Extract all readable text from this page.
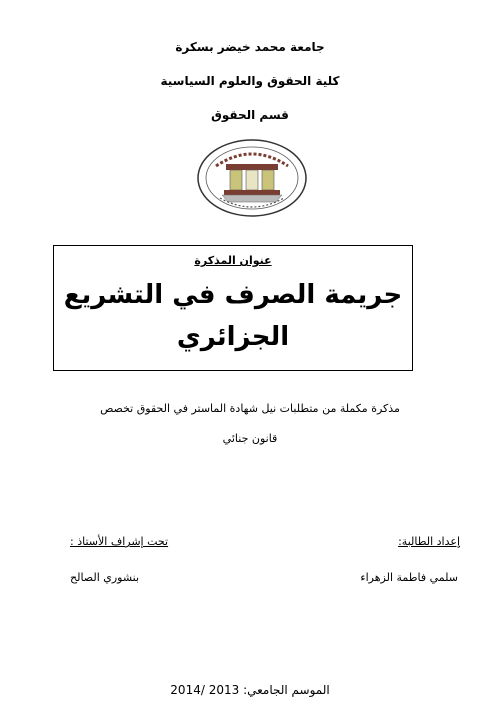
جامعة محمد خيضر بسكرة
كلية الحقوق والعلوم السياسية
قسم الحقوق
عنوان المذكرة
جريمة الصرف في التشريع الجزائري
مذكرة مكملة من متطلبات نيل شهادة الماستر في الحقوق تخصص
قانون جنائي
إعداد الطالبة:
تحت إشراف الأستاذ :
سلمي فاطمة الزهراء
بنشوري الصالح
الموسم الجامعي: 2013 /2014
